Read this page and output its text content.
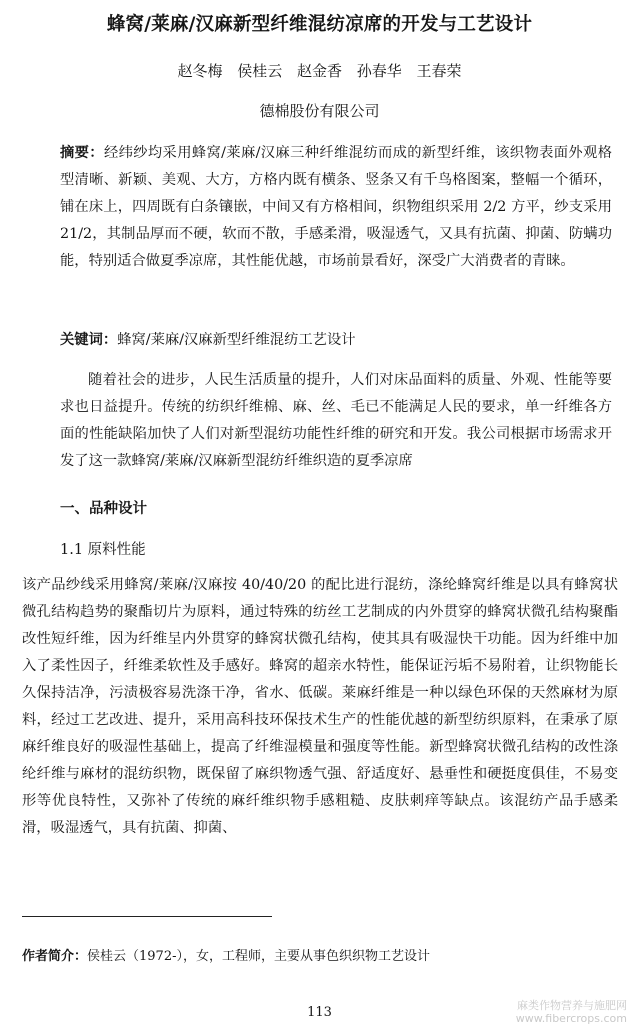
蜂窝/莱麻/汉麻新型纤维混纺凉席的开发与工艺设计
赵冬梅 侯桂云 赵金香 孙春华 王春荣
德棉股份有限公司
摘要：经纬纱均采用蜂窝/莱麻/汉麻三种纤维混纺而成的新型纤维，该织物表面外观格型清晰、新颖、美观、大方，方格内既有横条、竖条又有千鸟格图案，整幅一个循环，铺在床上，四周既有白条镶嵌，中间又有方格相间，织物组织采用 2/2 方平，纱支采用 21/2，其制品厚而不硬，软而不散，手感柔滑，吸湿透气，又具有抗菌、抑菌、防螨功能，特别适合做夏季凉席，其性能优越，市场前景看好，深受广大消费者的青睐。
关键词：蜂窝/莱麻/汉麻新型纤维混纺工艺设计
随着社会的进步，人民生活质量的提升，人们对床品面料的质量、外观、性能等要求也日益提升。传统的纺织纤维棉、麻、丝、毛已不能满足人民的要求，单一纤维各方面的性能缺陷加快了人们对新型混纺功能性纤维的研究和开发。我公司根据市场需求开发了这一款蜂窝/莱麻/汉麻新型混纺纤维织造的夏季凉席
一、品种设计
1.1 原料性能
该产品纱线采用蜂窝/莱麻/汉麻按 40/40/20 的配比进行混纺，涤纶蜂窝纤维是以具有蜂窝状微孔结构趋势的聚酯切片为原料，通过特殊的纺丝工艺制成的内外贯穿的蜂窝状微孔结构聚酯改性短纤维，因为纤维呈内外贯穿的蜂窝状微孔结构，使其具有吸湿快干功能。因为纤维中加入了柔性因子，纤维柔软性及手感好。蜂窝的超亲水特性，能保证污垢不易附着，让织物能长久保持洁净，污渍极容易洗涤干净，省水、低碳。莱麻纤维是一种以绿色环保的天然麻材为原料，经过工艺改进、提升，采用高科技环保技术生产的性能优越的新型纺织原料，在秉承了原麻纤维良好的吸湿性基础上，提高了纤维湿模量和强度等性能。新型蜂窝状微孔结构的改性涤纶纤维与麻材的混纺织物，既保留了麻织物透气强、舒适度好、悬垂性和硬挺度俱佳，不易变形等优良特性，又弥补了传统的麻纤维织物手感粗糙、皮肤刺痒等缺点。该混纺产品手感柔滑，吸湿透气，具有抗菌、抑菌、
作者简介：侯桂云（1972-），女，工程师，主要从事色织织物工艺设计
113	麻类作物营养与施肥网
www.fibercrops.com
